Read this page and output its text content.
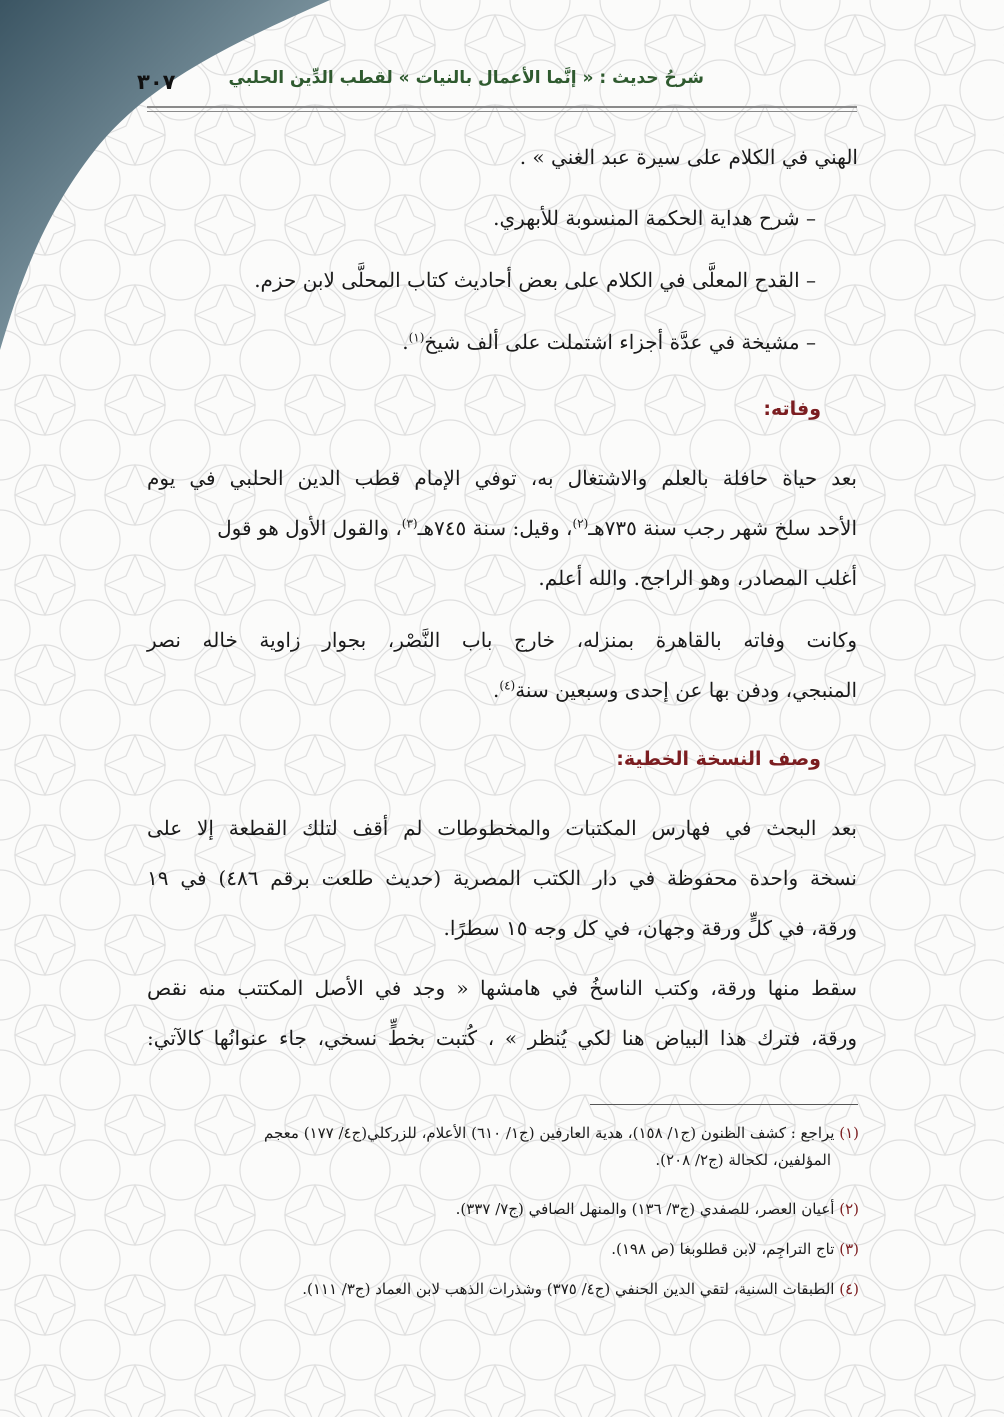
شرحُ حديث : « إنَّما الأعمال بالنيات » لقطب الدِّين الحلبي
٣٠٧
الهني في الكلام على سيرة عبد الغني » .
– شرح هداية الحكمة المنسوبة للأبهري.
– القدح المعلَّى في الكلام على بعض أحاديث كتاب المحلَّى لابن حزم.
– مشيخة في عدَّة أجزاء اشتملت على ألف شيخ$^{(١)}$.
وفاته:
بعد حياة حافلة بالعلم والاشتغال به، توفي الإمام قطب الدين الحلبي في يوم
الأحد سلخ شهر رجب سنة ٧٣٥هـ$^{(٢)}$، وقيل: سنة ٧٤٥هـ$^{(٣)}$، والقول الأول هو قول
أغلب المصادر، وهو الراجح. والله أعلم.
وكانت وفاته بالقاهرة بمنزله، خارج باب النَّصْر، بجوار زاوية خاله نصر
المنبجي، ودفن بها عن إحدى وسبعين سنة$^{(٤)}$.
وصف النسخة الخطية:
بعد البحث في فهارس المكتبات والمخطوطات لم أقف لتلك القطعة إلا على
نسخة واحدة محفوظة في دار الكتب المصرية (حديث طلعت برقم ٤٨٦) في ١٩
ورقة، في كلٍّ ورقة وجهان، في كل وجه ١٥ سطرًا.
سقط منها ورقة، وكتب الناسخُ في هامشها « وجد في الأصل المكتتب منه نقص
ورقة، فترك هذا البياض هنا لكي يُنظر » ، كُتبت بخطٍّ نسخي، جاء عنوانُها كالآتي:
(١) يراجع : كشف الظنون (ج١/ ١٥٨)، هدية العارفين (ج١/ ٦١٠) الأعلام، للزركلي(ج٤/ ١٧٧) معجم
المؤلفين، لكحالة (ج٢/ ٢٠٨).
(٢) أعيان العصر، للصفدي (ج٣/ ١٣٦) والمنهل الصافي (ج٧/ ٣٣٧).
(٣) تاج التراجِم، لابن قطلوبغا (ص ١٩٨).
(٤) الطبقات السنية، لتقي الدين الحنفي (ج٤/ ٣٧٥) وشذرات الذهب لابن العماد (ج٣/ ١١١).
